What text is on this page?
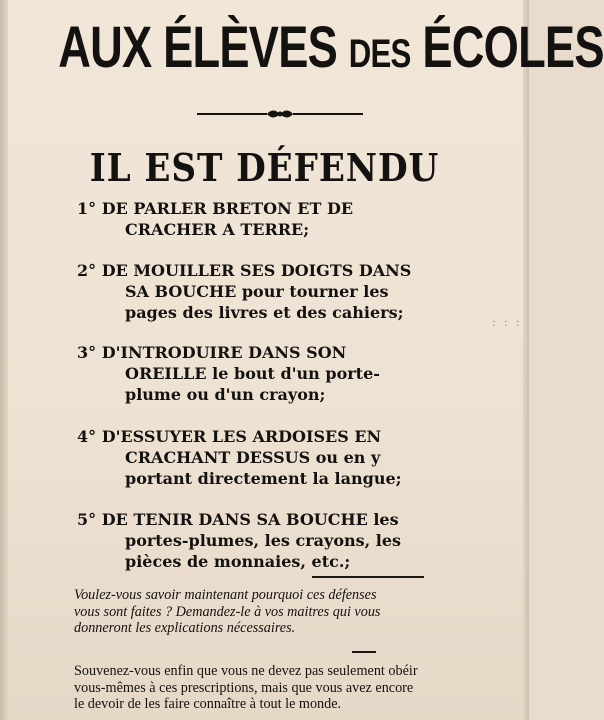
AUX ÉLÈVES DES ÉCOLES
IL EST DÉFENDU
1° DE PARLER BRETON ET DE
CRACHER A TERRE;
2° DE MOUILLER SES DOIGTS DANS
SA BOUCHE pour tourner les
pages des livres et des cahiers;
3° D'INTRODUIRE DANS SON
OREILLE le bout d'un porte-
plume ou d'un crayon;
4° D'ESSUYER LES ARDOISES EN
CRACHANT DESSUS ou en y
portant directement la langue;
5° DE TENIR DANS SA BOUCHE les
portes-plumes, les crayons, les
pièces de monnaies, etc.;
: : :
Voulez-vous savoir maintenant pourquoi ces défenses
vous sont faites ? Demandez-le à vos maitres qui vous
donneront les explications nécessaires.
Souvenez-vous enfin que vous ne devez pas seulement obéir
vous-mêmes à ces prescriptions, mais que vous avez encore
le devoir de les faire connaître à tout le monde.
